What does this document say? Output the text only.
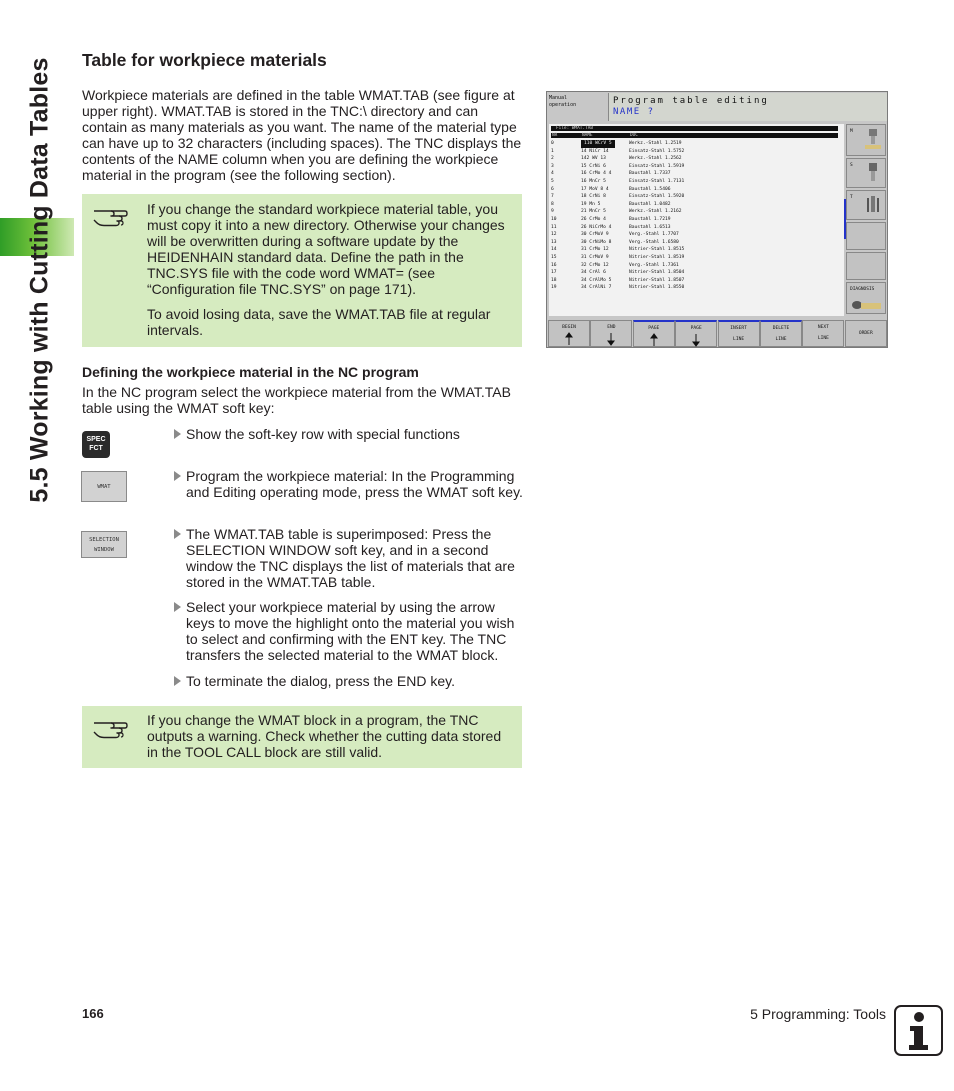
5.5 Working with Cutting Data Tables Table for workpiece materials
Workpiece materials are defined in the table WMAT.TAB (see figure at upper right). WMAT.TAB is stored in the TNC:\ directory and can contain as many materials as you want. The name of the material type can have up to 32 characters (including spaces). The TNC displays the contents of the NAME column when you are defining the workpiece material in the program (see the following section).
If you change the standard workpiece material table, you must copy it into a new directory. Otherwise your changes will be overwritten during a software update by the HEIDENHAIN standard data. Define the path in the TNC.SYS file with the code word WMAT= (see “Configuration file TNC.SYS” on page 171).
To avoid losing data, save the WMAT.TAB file at regular intervals.
Defining the workpiece material in the NC program
In the NC program select the workpiece material from the WMAT.TAB table using the WMAT soft key:
SPEC
FCT
WMAT
SELECTION
WINDOW
Show the soft-key row with special functions
Program the workpiece material: In the Programming and Editing operating mode, press the WMAT soft key.
The WMAT.TAB table is superimposed: Press the SELECTION WINDOW soft key, and in a second window the TNC displays the list of materials that are stored in the WMAT.TAB table.
Select your workpiece material by using the arrow keys to move the highlight onto the material you wish to select and confirming with the ENT key. The TNC transfers the selected material to the WMAT block.
To terminate the dialog, press the END key.
If you change the WMAT block in a program, the TNC outputs a warning. Check whether the cutting data stored in the TOOL CALL block are still valid.
Manual
operation	Program table editing
NAME ?
File: WMAT.TAB
NR	NAME	DOC
0	110 WCrV 5	Werkz.-Stahl 1.2519
1	14 NiCr 14	Einsatz-Stahl 1.5752
2	142 WV 13	Werkz.-Stahl 1.2562
3	15 CrNi 6	Einsatz-Stahl 1.5919
4	16 CrMo 4 4	Baustahl 1.7337
5	16 MnCr 5	Einsatz-Stahl 1.7131
6	17 MoV 8 4	Baustahl 1.5406
7	18 CrNi 8	Einsatz-Stahl 1.5920
8	19 Mn 5	Baustahl 1.0482
9	21 MnCr 5	Werkz.-Stahl 1.2162
10	26 CrMo 4	Baustahl 1.7219
11	26 NiCrMo 4	Baustahl 1.6513
12	30 CrMoV 9	Verg.-Stahl 1.7707
13	30 CrNiMo 8	Verg.-Stahl 1.6580
14	31 CrMo 12	Nitrier-Stahl 1.8515
15	31 CrMoV 9	Nitrier-Stahl 1.8519
16	32 CrMo 12	Verg.-Stahl 1.7361
17	34 CrAl 6	Nitrier-Stahl 1.8504
18	34 CrAlMo 5	Nitrier-Stahl 1.8507
19	34 CrAlNi 7	Nitrier-Stahl 1.8550
M
S
T
DIAGNOSIS
BEGIN	END	PAGE	PAGE	INSERT
LINE
DELETE
LINE
NEXT
LINE
ORDER
166	5 Programming: Tools
